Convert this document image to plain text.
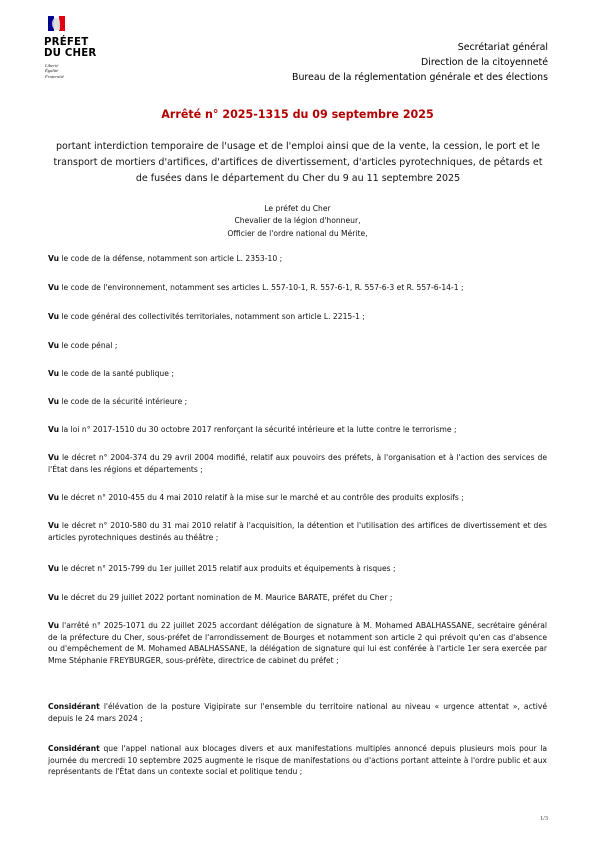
PRÉFET
DU CHER
Liberté
Égalité
Fraternité
Secrétariat général
Direction de la citoyenneté
Bureau de la réglementation générale et des élections
Arrêté n° 2025-1315 du 09 septembre 2025
portant interdiction temporaire de l'usage et de l'emploi ainsi que de la vente, la cession, le port et le transport de mortiers d'artifices, d'artifices de divertissement, d'articles pyrotechniques, de pétards et de fusées dans le département du Cher du 9 au 11 septembre 2025
Le préfet du Cher
Chevalier de la légion d'honneur,
Officier de l'ordre national du Mérite,
Vu le code de la défense, notamment son article L. 2353-10 ;
Vu le code de l'environnement, notamment ses articles L. 557-10-1, R. 557-6-1, R. 557-6-3 et R. 557-6-14-1 ;
Vu le code général des collectivités territoriales, notamment son article L. 2215-1 ;
Vu le code pénal ;
Vu le code de la santé publique ;
Vu le code de la sécurité intérieure ;
Vu la loi n° 2017-1510 du 30 octobre 2017 renforçant la sécurité intérieure et la lutte contre le terrorisme ;
Vu le décret n° 2004-374 du 29 avril 2004 modifié, relatif aux pouvoirs des préfets, à l'organisation et à l'action des services de l'État dans les régions et départements ;
Vu le décret n° 2010-455 du 4 mai 2010 relatif à la mise sur le marché et au contrôle des produits explosifs ;
Vu le décret n° 2010-580 du 31 mai 2010 relatif à l'acquisition, la détention et l'utilisation des artifices de divertissement et des articles pyrotechniques destinés au théâtre ;
Vu le décret n° 2015-799 du 1er juillet 2015 relatif aux produits et équipements à risques ;
Vu le décret du 29 juillet 2022 portant nomination de M. Maurice BARATE, préfet du Cher ;
Vu l'arrêté n° 2025-1071 du 22 juillet 2025 accordant délégation de signature à M. Mohamed ABALHASSANE, secrétaire général de la préfecture du Cher, sous-préfet de l'arrondissement de Bourges et notamment son article 2 qui prévoit qu'en cas d'absence ou d'empêchement de M. Mohamed ABALHASSANE, la délégation de signature qui lui est conférée à l'article 1er sera exercée par Mme Stéphanie FREYBURGER, sous-préfète, directrice de cabinet du préfet ;
Considérant l'élévation de la posture Vigipirate sur l'ensemble du territoire national au niveau « urgence attentat », activé depuis le 24 mars 2024 ;
Considérant que l'appel national aux blocages divers et aux manifestations multiples annoncé depuis plusieurs mois pour la journée du mercredi 10 septembre 2025 augmente le risque de manifestations ou d'actions portant atteinte à l'ordre public et aux représentants de l'État dans un contexte social et politique tendu ;
1/3
